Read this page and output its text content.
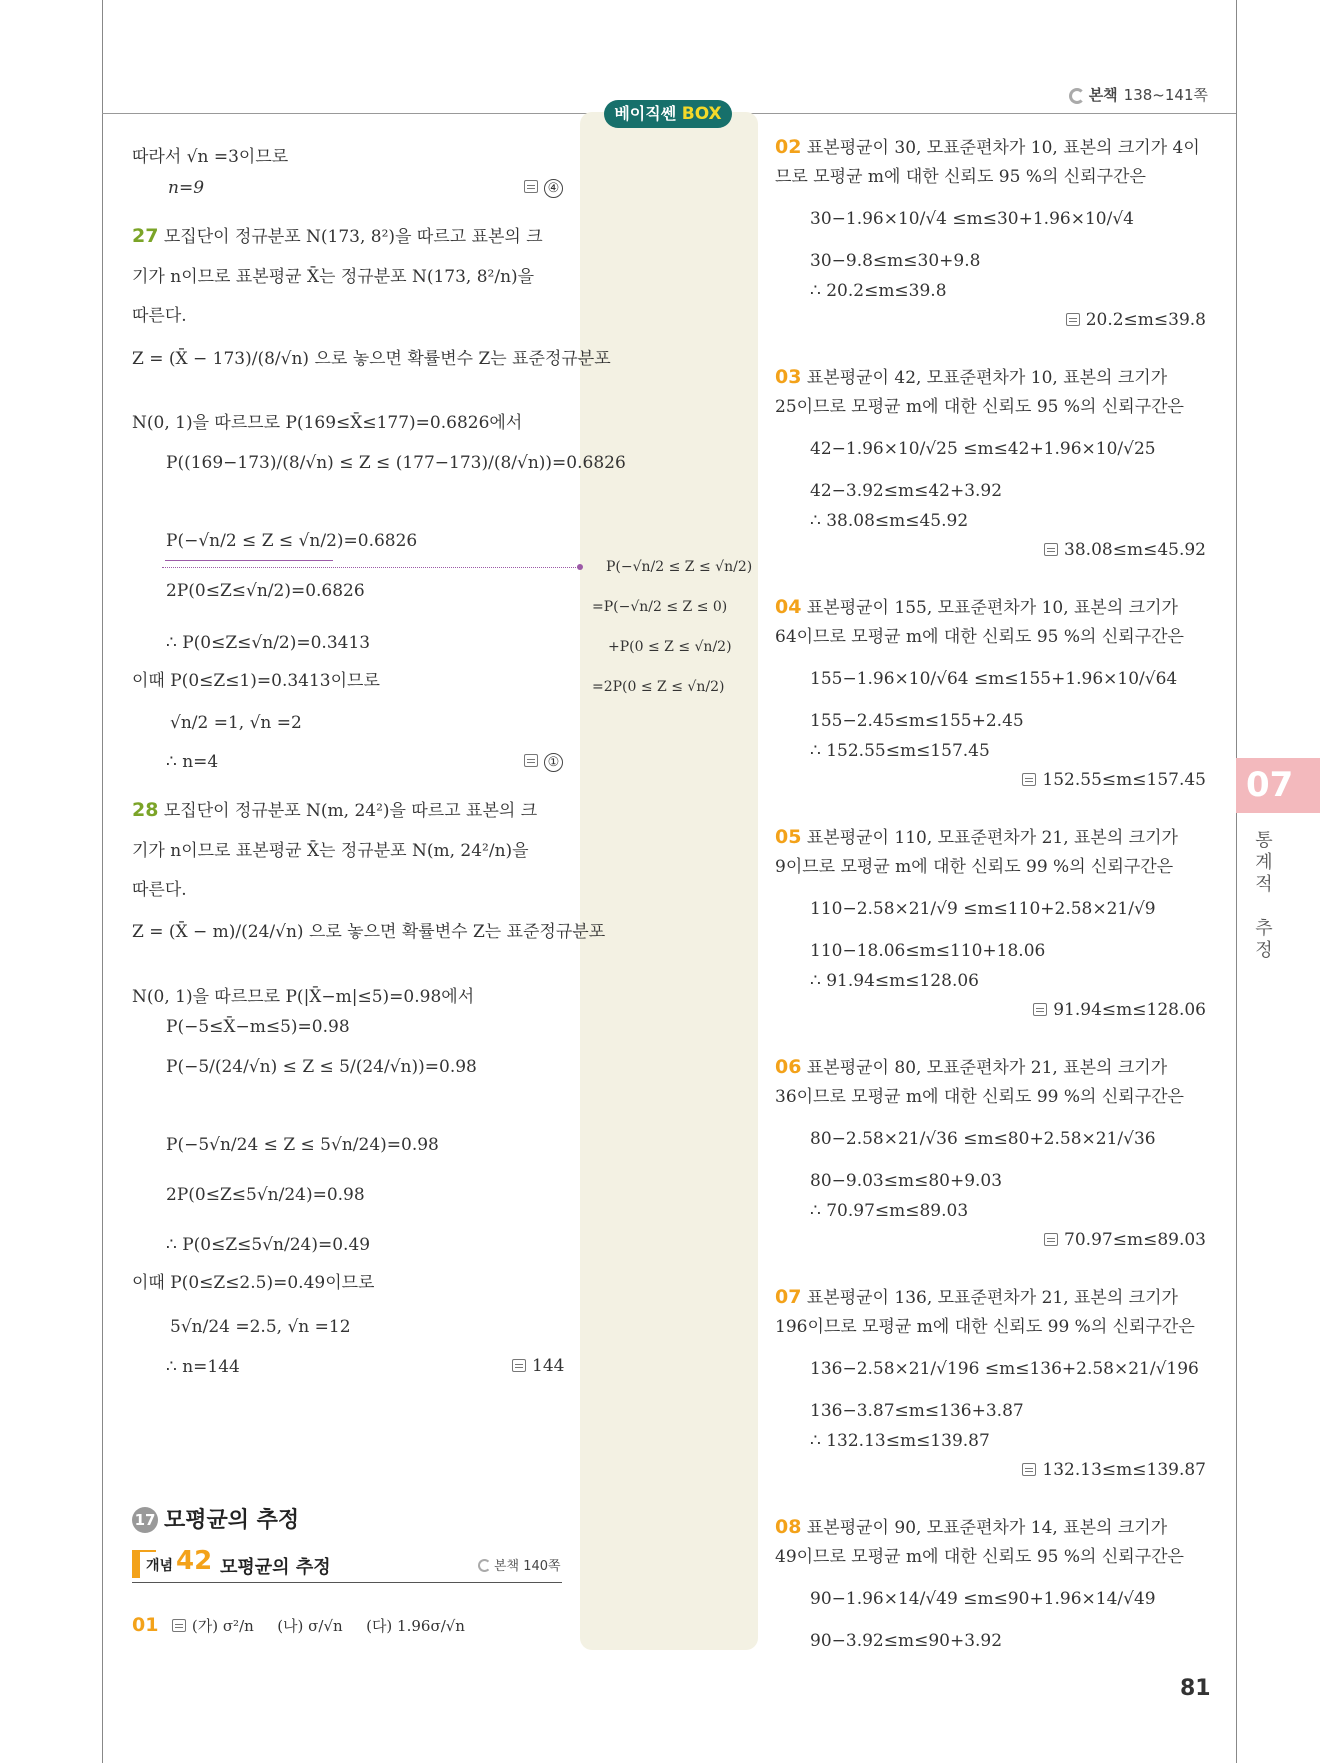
본책 138~141쪽
베이직쎈 BOX
P(−√n/2 ≤ Z ≤ √n/2)
=P(−√n/2 ≤ Z ≤ 0)
+P(0 ≤ Z ≤ √n/2)
=2P(0 ≤ Z ≤ √n/2)
따라서 √n =3이므로
n=9	④
27 모집단이 정규분포 N(173, 8²)을 따르고 표본의 크
기가 n이므로 표본평균 X̄는 정규분포 N(173, 8²/n)을
따른다.
Z = (X̄ − 173)/(8/√n) 으로 놓으면 확률변수 Z는 표준정규분포
N(0, 1)을 따르므로 P(169≤X̄≤177)=0.6826에서
P((169−173)/(8/√n) ≤ Z ≤ (177−173)/(8/√n))=0.6826
P(−√n/2 ≤ Z ≤ √n/2)=0.6826
2P(0≤Z≤√n/2)=0.6826
∴ P(0≤Z≤√n/2)=0.3413
이때 P(0≤Z≤1)=0.3413이므로
√n/2 =1, √n =2
∴ n=4	①
28 모집단이 정규분포 N(m, 24²)을 따르고 표본의 크
기가 n이므로 표본평균 X̄는 정규분포 N(m, 24²/n)을
따른다.
Z = (X̄ − m)/(24/√n) 으로 놓으면 확률변수 Z는 표준정규분포
N(0, 1)을 따르므로 P(|X̄−m|≤5)=0.98에서
P(−5≤X̄−m≤5)=0.98
P(−5/(24/√n) ≤ Z ≤ 5/(24/√n))=0.98
P(−5√n/24 ≤ Z ≤ 5√n/24)=0.98
2P(0≤Z≤5√n/24)=0.98
∴ P(0≤Z≤5√n/24)=0.49
이때 P(0≤Z≤2.5)=0.49이므로
5√n/24 =2.5, √n =12
∴ n=144	144
17 모평균의 추정
개념 42 모평균의 추정	본책 140쪽
01 (가) σ²/n (나) σ/√n (다) 1.96σ/√n
02 표본평균이 30, 모표준편차가 10, 표본의 크기가 4이
므로 모평균 m에 대한 신뢰도 95 %의 신뢰구간은
30−1.96×10/√4 ≤m≤30+1.96×10/√4
30−9.8≤m≤30+9.8
∴ 20.2≤m≤39.8
20.2≤m≤39.8
03 표본평균이 42, 모표준편차가 10, 표본의 크기가
25이므로 모평균 m에 대한 신뢰도 95 %의 신뢰구간은
42−1.96×10/√25 ≤m≤42+1.96×10/√25
42−3.92≤m≤42+3.92
∴ 38.08≤m≤45.92
38.08≤m≤45.92
04 표본평균이 155, 모표준편차가 10, 표본의 크기가
64이므로 모평균 m에 대한 신뢰도 95 %의 신뢰구간은
155−1.96×10/√64 ≤m≤155+1.96×10/√64
155−2.45≤m≤155+2.45
∴ 152.55≤m≤157.45
152.55≤m≤157.45
05 표본평균이 110, 모표준편차가 21, 표본의 크기가
9이므로 모평균 m에 대한 신뢰도 99 %의 신뢰구간은
110−2.58×21/√9 ≤m≤110+2.58×21/√9
110−18.06≤m≤110+18.06
∴ 91.94≤m≤128.06
91.94≤m≤128.06
06 표본평균이 80, 모표준편차가 21, 표본의 크기가
36이므로 모평균 m에 대한 신뢰도 99 %의 신뢰구간은
80−2.58×21/√36 ≤m≤80+2.58×21/√36
80−9.03≤m≤80+9.03
∴ 70.97≤m≤89.03
70.97≤m≤89.03
07 표본평균이 136, 모표준편차가 21, 표본의 크기가
196이므로 모평균 m에 대한 신뢰도 99 %의 신뢰구간은
136−2.58×21/√196 ≤m≤136+2.58×21/√196
136−3.87≤m≤136+3.87
∴ 132.13≤m≤139.87
132.13≤m≤139.87
08 표본평균이 90, 모표준편차가 14, 표본의 크기가
49이므로 모평균 m에 대한 신뢰도 95 %의 신뢰구간은
90−1.96×14/√49 ≤m≤90+1.96×14/√49
90−3.92≤m≤90+3.92
07
통
계
적

추
정
81
